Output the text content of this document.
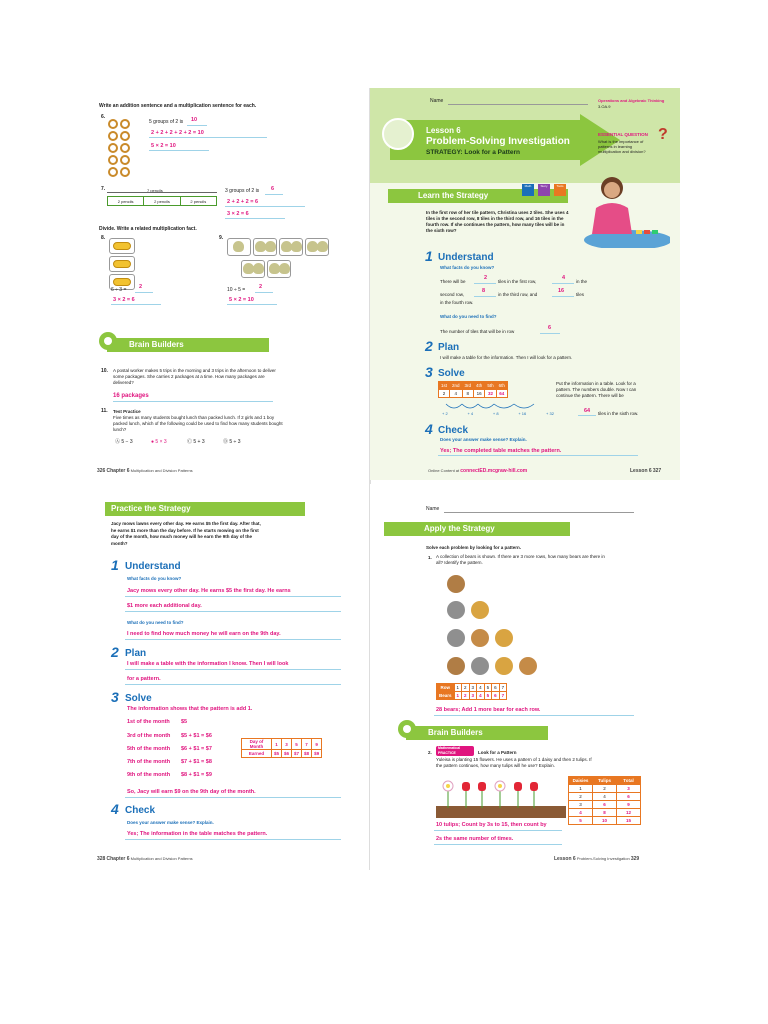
Write an addition sentence and a multiplication sentence for each.
6.
5 groups of 2 is 10
2 + 2 + 2 + 2 + 2 = 10
5 × 2 = 10
7.	7 pencils
2 pencils	2 pencils	2 pencils
3 groups of 2 is 6
2 + 2 + 2 = 6
3 × 2 = 6
Divide. Write a related multiplication fact.
8.
6 ÷ 3 = 2
3 × 2 = 6
9.
10 ÷ 5 =	2
5 × 2 = 10
Brain Builders
10. A postal worker makes 5 trips in the morning and 3 trips in the afternoon to deliver some packages. She carries 2 packages at a time. How many packages are delivered?
16 packages
11. Test Practice
Five times as many students bought lunch than packed lunch. If 2 girls and 1 boy packed lunch, which of the following could be used to find how many students bought lunch?
Ⓐ 5 − 3	● 5 × 3	Ⓒ 5 + 3	Ⓓ 5 ÷ 3
326 Chapter 6 Multiplication and Division Patterns
Name	Operations and Algebraic Thinking
3.OA.9
Lesson 6
Problem-Solving Investigation
STRATEGY: Look for a Pattern
ESSENTIAL QUESTION
What is the importance of patterns in learning multiplication and division?
?
Learn the Strategy
Math	Story	Tools
In the first row of her tile pattern, Christina uses 2 tiles. She uses 4 tiles in the second row, 8 tiles in the third row, and 16 tiles in the fourth row. If she continues the pattern, how many tiles will be in the sixth row?
1 Understand
What facts do you know?
There will be
2
tiles in the first row,
4
in the
second row,
8
in the third row, and
16
tiles
in the fourth row.
What do you need to find?
The number of tiles that will be in row
6
2 Plan
I will make a table for the information. Then I will look for a pattern.
3 Solve
1st	2nd	3rd	4th	5th	6th
2	4	8	16	32	64
+ 2	+ 4	+ 8	+ 16	+ 32
Put the information in a table. Look for a pattern. The numbers double. Now I can continue the pattern. There will be
64 tiles in the sixth row.
4 Check
Does your answer make sense? Explain.
Yes; The completed table matches the pattern.
Online Content at connectED.mcgraw-hill.com	Lesson 6 327
Practice the Strategy
Jacy mows lawns every other day. He earns $5 the first day. After that, he earns $1 more than the day before. If he starts mowing on the first day of the month, how much money will he earn the 9th day of the month?
1 Understand
What facts do you know?
Jacy mows every other day. He earns $5 the first day. He earns
$1 more each additional day.
What do you need to find?
I need to find how much money he will earn on the 9th day.
2 Plan
I will make a table with the information I know. Then I will look
for a pattern.
3 Solve
The information shows that the pattern is add 1.
1st of the month $5
3rd of the month $5 + $1 = $6
5th of the month $6 + $1 = $7
7th of the month $7 + $1 = $8
9th of the month $8 + $1 = $9
Day of Month	1	3	5	7	9
Earned	$5	$6	$7	$8	$9
So, Jacy will earn $9 on the 9th day of the month.
4 Check
Does your answer make sense? Explain.
Yes; The information in the table matches the pattern.
328 Chapter 6 Multiplication and Division Patterns
Name
Apply the Strategy
Solve each problem by looking for a pattern.
1. A collection of bears is shown. If there are 3 more rows, how many bears are there in all? Identify the pattern.
Row	1	2	3	4	5	6	7
Bears	1	2	3	4	5	6	7
28 bears; Add 1 more bear for each row.
Brain Builders
2.
Mathematical PRACTICE	7 Look for a Pattern
Yuleisa is planting 15 flowers. He uses a pattern of 1 daisy and then 2 tulips. If the pattern continues, how many tulips will he use? Explain.
Daisies	Tulips	Total
1	2	3
2	4	6
3	6	9
4	8	12
5	10	15
10 tulips; Count by 3s to 15, then count by
2s the same number of times.
Lesson 6 Problem-Solving Investigation 329
